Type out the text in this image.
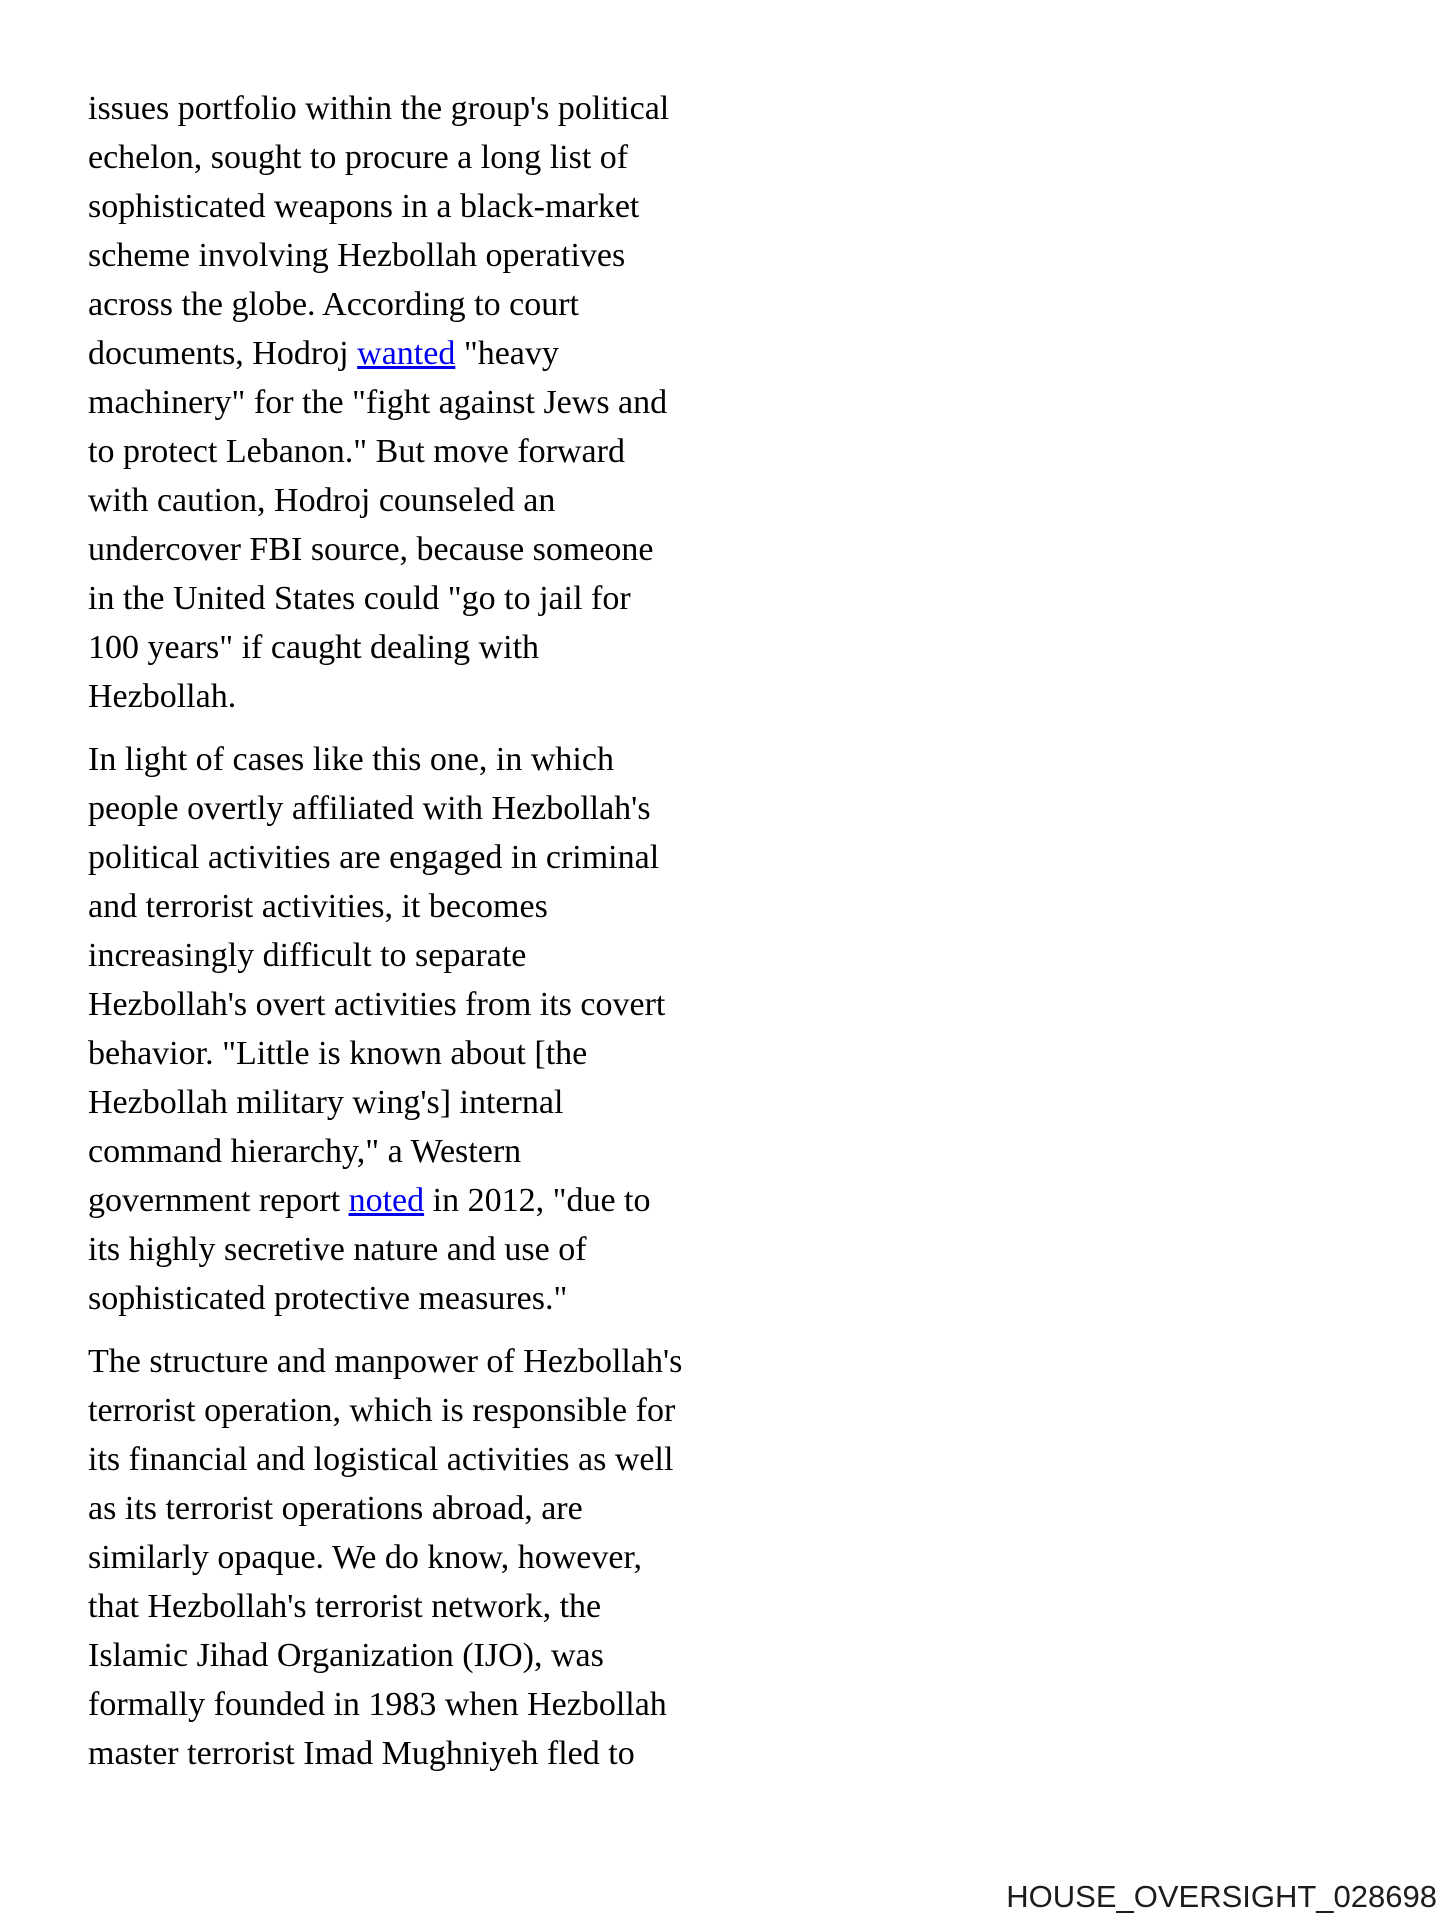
issues portfolio within the group's political
echelon, sought to procure a long list of
sophisticated weapons in a black-market
scheme involving Hezbollah operatives
across the globe. According to court
documents, Hodroj wanted "heavy
machinery" for the "fight against Jews and
to protect Lebanon." But move forward
with caution, Hodroj counseled an
undercover FBI source, because someone
in the United States could "go to jail for
100 years" if caught dealing with
Hezbollah.
In light of cases like this one, in which
people overtly affiliated with Hezbollah's
political activities are engaged in criminal
and terrorist activities, it becomes
increasingly difficult to separate
Hezbollah's overt activities from its covert
behavior. "Little is known about [the
Hezbollah military wing's] internal
command hierarchy," a Western
government report noted in 2012, "due to
its highly secretive nature and use of
sophisticated protective measures."
The structure and manpower of Hezbollah's
terrorist operation, which is responsible for
its financial and logistical activities as well
as its terrorist operations abroad, are
similarly opaque. We do know, however,
that Hezbollah's terrorist network, the
Islamic Jihad Organization (IJO), was
formally founded in 1983 when Hezbollah
master terrorist Imad Mughniyeh fled to
HOUSE_OVERSIGHT_028698
